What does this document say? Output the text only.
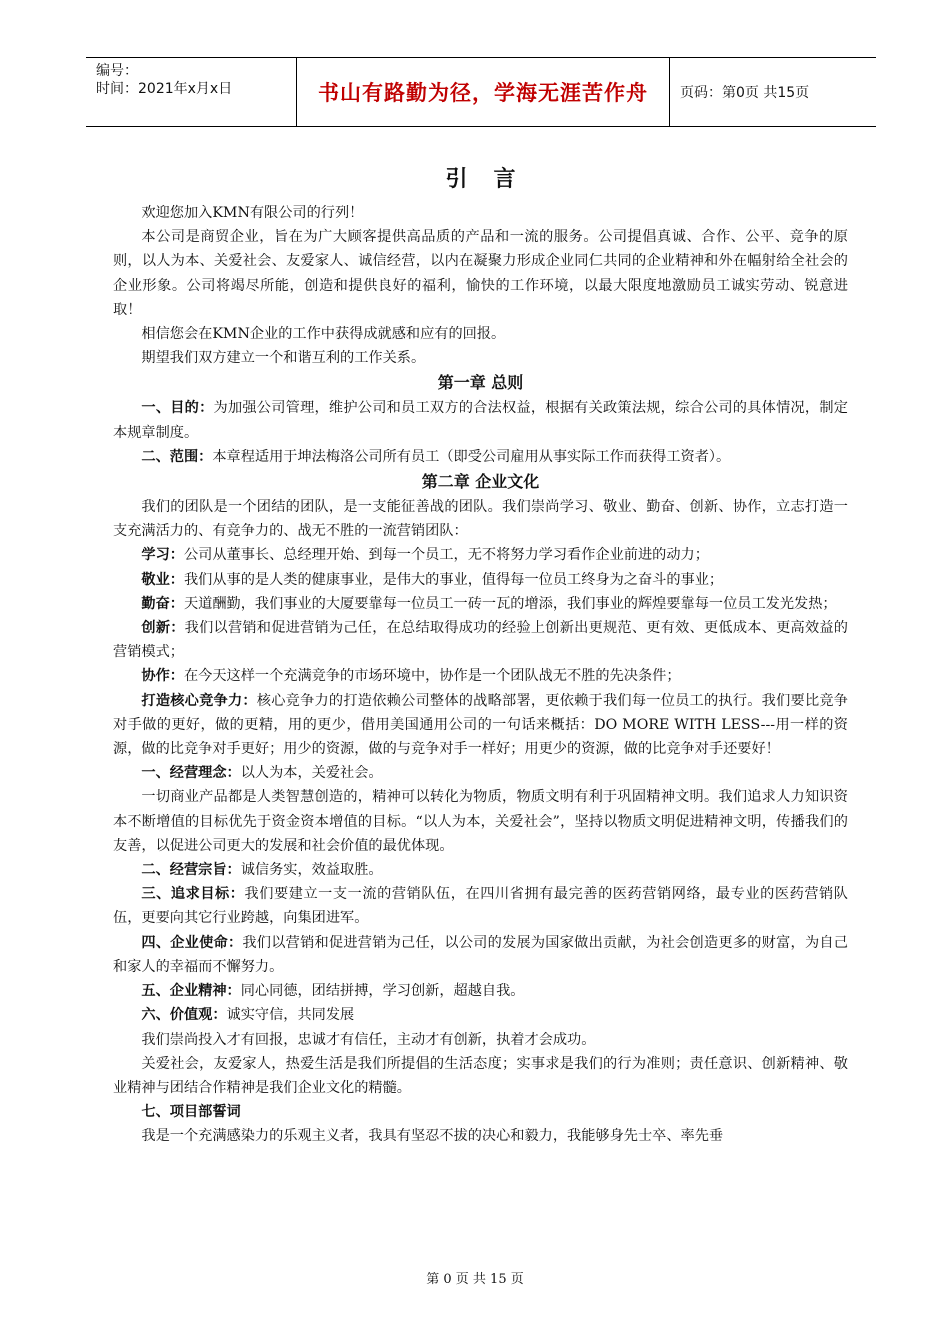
编号：
时间：2021年x月x日	书山有路勤为径，学海无涯苦作舟	页码：第0页 共15页
引言

欢迎您加入KMN有限公司的行列！

本公司是商贸企业，旨在为广大顾客提供高品质的产品和一流的服务。公司提倡真诚、合作、公平、竞争的原则，以人为本、关爱社会、友爱家人、诚信经营，以内在凝聚力形成企业同仁共同的企业精神和外在幅射给全社会的企业形象。公司将竭尽所能，创造和提供良好的福利，愉快的工作环境，以最大限度地激励员工诚实劳动、锐意进取！

相信您会在KMN企业的工作中获得成就感和应有的回报。

期望我们双方建立一个和谐互利的工作关系。

第一章 总则

一、目的：为加强公司管理，维护公司和员工双方的合法权益，根据有关政策法规，综合公司的具体情况，制定本规章制度。

二、范围：本章程适用于坤法梅洛公司所有员工（即受公司雇用从事实际工作而获得工资者）。

第二章 企业文化

我们的团队是一个团结的团队，是一支能征善战的团队。我们崇尚学习、敬业、勤奋、创新、协作，立志打造一支充满活力的、有竞争力的、战无不胜的一流营销团队：

学习：公司从董事长、总经理开始、到每一个员工，无不将努力学习看作企业前进的动力；

敬业：我们从事的是人类的健康事业，是伟大的事业，值得每一位员工终身为之奋斗的事业；

勤奋：天道酬勤，我们事业的大厦要靠每一位员工一砖一瓦的增添，我们事业的辉煌要靠每一位员工发光发热；

创新：我们以营销和促进营销为己任，在总结取得成功的经验上创新出更规范、更有效、更低成本、更高效益的营销模式；

协作：在今天这样一个充满竞争的市场环境中，协作是一个团队战无不胜的先决条件；

打造核心竞争力：核心竞争力的打造依赖公司整体的战略部署，更依赖于我们每一位员工的执行。我们要比竞争对手做的更好，做的更精，用的更少，借用美国通用公司的一句话来概括：DO MORE WITH LESS---用一样的资源，做的比竞争对手更好；用少的资源，做的与竞争对手一样好；用更少的资源，做的比竞争对手还要好！

一、经营理念：以人为本，关爱社会。

一切商业产品都是人类智慧创造的，精神可以转化为物质，物质文明有利于巩固精神文明。我们追求人力知识资本不断增值的目标优先于资金资本增值的目标。“以人为本，关爱社会”，坚持以物质文明促进精神文明，传播我们的友善，以促进公司更大的发展和社会价值的最优体现。

二、经营宗旨：诚信务实，效益取胜。

三、追求目标：我们要建立一支一流的营销队伍，在四川省拥有最完善的医药营销网络，最专业的医药营销队伍，更要向其它行业跨越，向集团进军。

四、企业使命：我们以营销和促进营销为己任，以公司的发展为国家做出贡献，为社会创造更多的财富，为自己和家人的幸福而不懈努力。

五、企业精神：同心同德，团结拼搏，学习创新，超越自我。

六、价值观：诚实守信，共同发展

我们崇尚投入才有回报，忠诚才有信任，主动才有创新，执着才会成功。

关爱社会，友爱家人，热爱生活是我们所提倡的生活态度；实事求是我们的行为准则；责任意识、创新精神、敬业精神与团结合作精神是我们企业文化的精髓。

七、项目部誓词

我是一个充满感染力的乐观主义者，我具有坚忍不拔的决心和毅力，我能够身先士卒、率先垂

第 0 页 共 15 页
